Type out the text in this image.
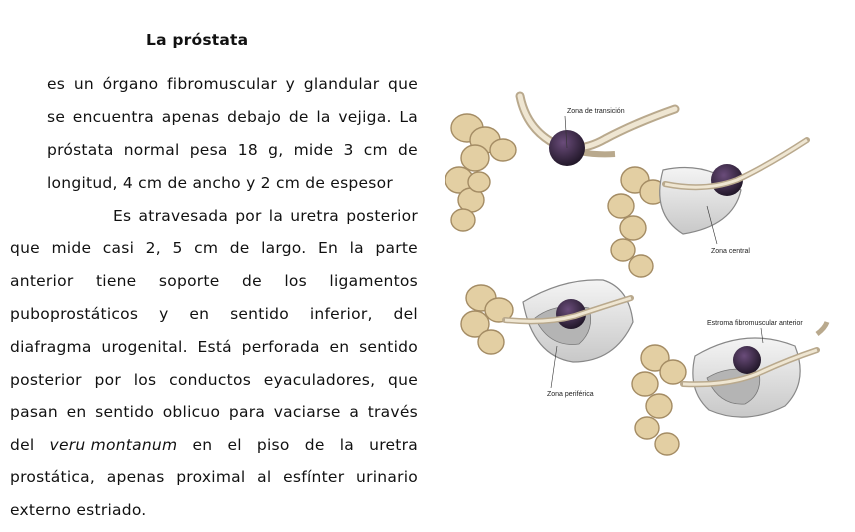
La próstata
es un órgano fibromuscular y glandular que
se encuentra apenas debajo de la vejiga. La
próstata normal pesa 18 g, mide 3 cm de
longitud, 4 cm de ancho y 2 cm de espesor
Es atravesada por la uretra posterior
que mide casi 2, 5 cm de largo. En la parte
anterior tiene soporte de los ligamentos
puboprostáticos y en sentido inferior, del
diafragma urogenital. Está perforada en sentido
posterior por los conductos eyaculadores, que
pasan en sentido oblicuo para vaciarse a través
del veru montanum en el piso de la uretra
prostática, apenas proximal al esfínter urinario
externo estriado.
Zona de transición
Zona central
Zona periférica
Estroma fibromuscular anterior
